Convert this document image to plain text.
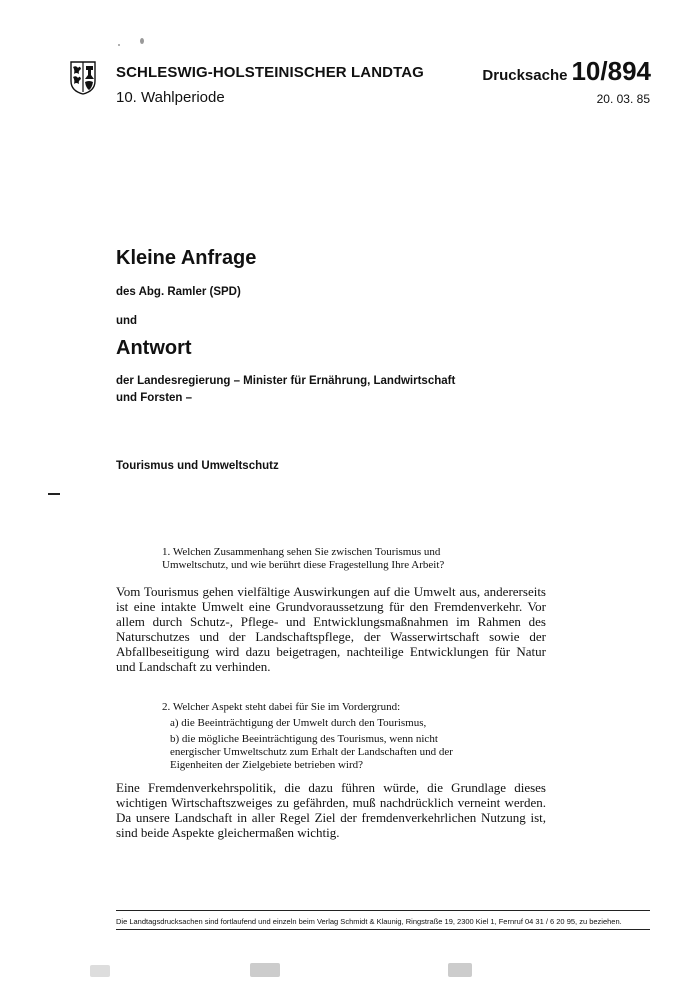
SCHLESWIG-HOLSTEINISCHER LANDTAG
10. Wahlperiode
Drucksache 10/894
20. 03. 85
Kleine Anfrage
des Abg. Ramler (SPD)
und
Antwort
der Landesregierung – Minister für Ernährung, Landwirtschaft
und Forsten –
Tourismus und Umweltschutz
1. Welchen Zusammenhang sehen Sie zwischen Tourismus und Umweltschutz, und wie berührt diese Fragestellung Ihre Arbeit?
Vom Tourismus gehen vielfältige Auswirkungen auf die Umwelt aus, andererseits ist eine intakte Umwelt eine Grundvoraussetzung für den Fremdenverkehr. Vor allem durch Schutz-, Pflege- und Entwicklungsmaßnahmen im Rahmen des Naturschutzes und der Landschaftspflege, der Wasserwirtschaft sowie der Abfallbeseitigung wird dazu beigetragen, nachteilige Entwicklungen für Natur und Landschaft zu verhinden.
2. Welcher Aspekt steht dabei für Sie im Vordergrund:
a) die Beeinträchtigung der Umwelt durch den Tourismus,
b) die mögliche Beeinträchtigung des Tourismus, wenn nicht energischer Umweltschutz zum Erhalt der Landschaften und der Eigenheiten der Zielgebiete betrieben wird?
Eine Fremdenverkehrspolitik, die dazu führen würde, die Grundlage dieses wichtigen Wirtschaftszweiges zu gefährden, muß nachdrücklich verneint werden. Da unsere Landschaft in aller Regel Ziel der fremdenverkehrlichen Nutzung ist, sind beide Aspekte gleichermaßen wichtig.
Die Landtagsdrucksachen sind fortlaufend und einzeln beim Verlag Schmidt & Klaunig, Ringstraße 19, 2300 Kiel 1, Fernruf 04 31 / 6 20 95, zu beziehen.
